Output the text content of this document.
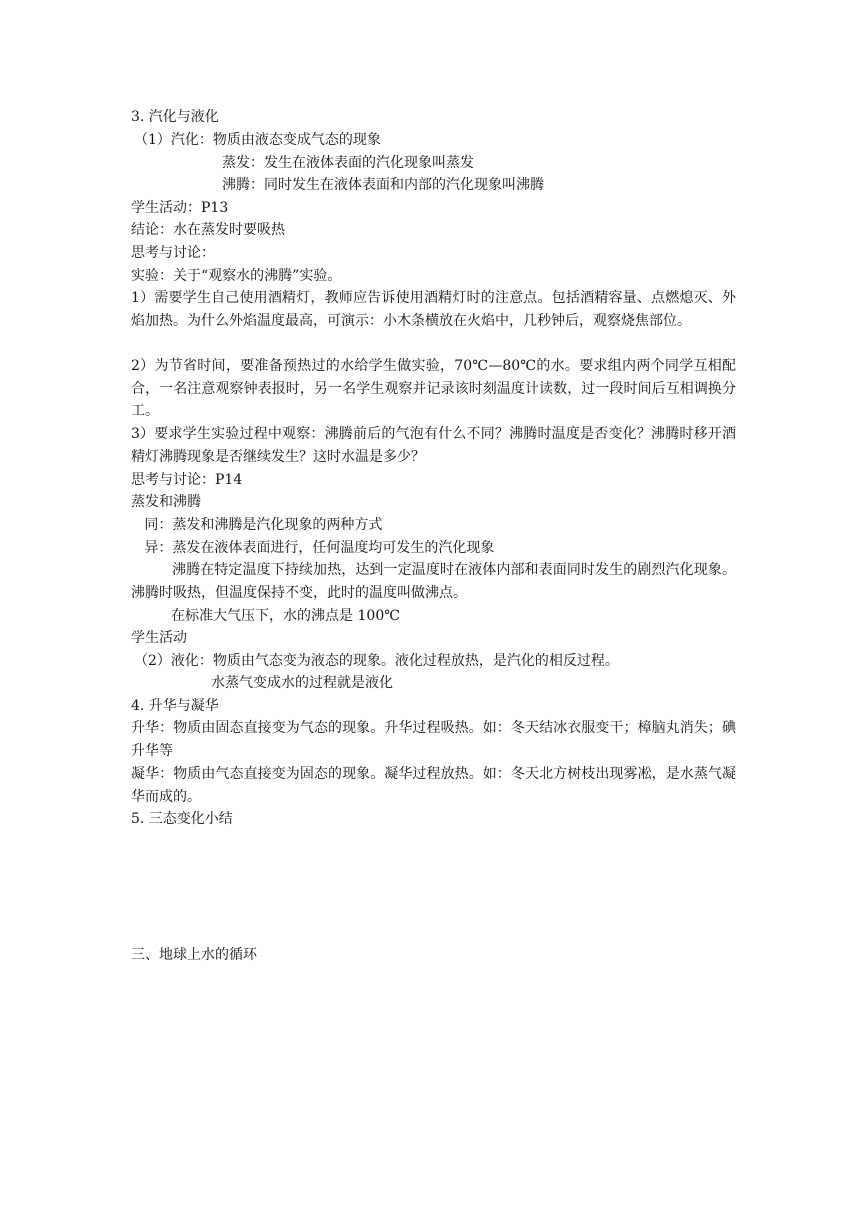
3. 汽化与液化
（1）汽化：物质由液态变成气态的现象
蒸发：发生在液体表面的汽化现象叫蒸发
沸腾：同时发生在液体表面和内部的汽化现象叫沸腾
学生活动：P13
结论：水在蒸发时要吸热
思考与讨论：
实验：关于“观察水的沸腾”实验。
1）需要学生自己使用酒精灯，教师应告诉使用酒精灯时的注意点。包括酒精容量、点燃熄灭、外焰加热。为什么外焰温度最高，可演示：小木条横放在火焰中，几秒钟后，观察烧焦部位。
2）为节省时间，要准备预热过的水给学生做实验，70℃—80℃的水。要求组内两个同学互相配合，一名注意观察钟表报时，另一名学生观察并记录该时刻温度计读数，过一段时间后互相调换分工。
3）要求学生实验过程中观察：沸腾前后的气泡有什么不同？沸腾时温度是否变化？沸腾时移开酒精灯沸腾现象是否继续发生？这时水温是多少？
思考与讨论：P14
蒸发和沸腾
同：蒸发和沸腾是汽化现象的两种方式
异：蒸发在液体表面进行，任何温度均可发生的汽化现象
沸腾在特定温度下持续加热，达到一定温度时在液体内部和表面同时发生的剧烈汽化现象。    沸腾时吸热，但温度保持不变，此时的温度叫做沸点。
在标准大气压下，水的沸点是 100℃
学生活动
（2）液化：物质由气态变为液态的现象。液化过程放热，是汽化的相反过程。
水蒸气变成水的过程就是液化
4. 升华与凝华
升华：物质由固态直接变为气态的现象。升华过程吸热。如：冬天结冰衣服变干；樟脑丸消失；碘升华等
凝华：物质由气态直接变为固态的现象。凝华过程放热。如：冬天北方树枝出现雾凇，是水蒸气凝华而成的。
5. 三态变化小结
三、地球上水的循环
